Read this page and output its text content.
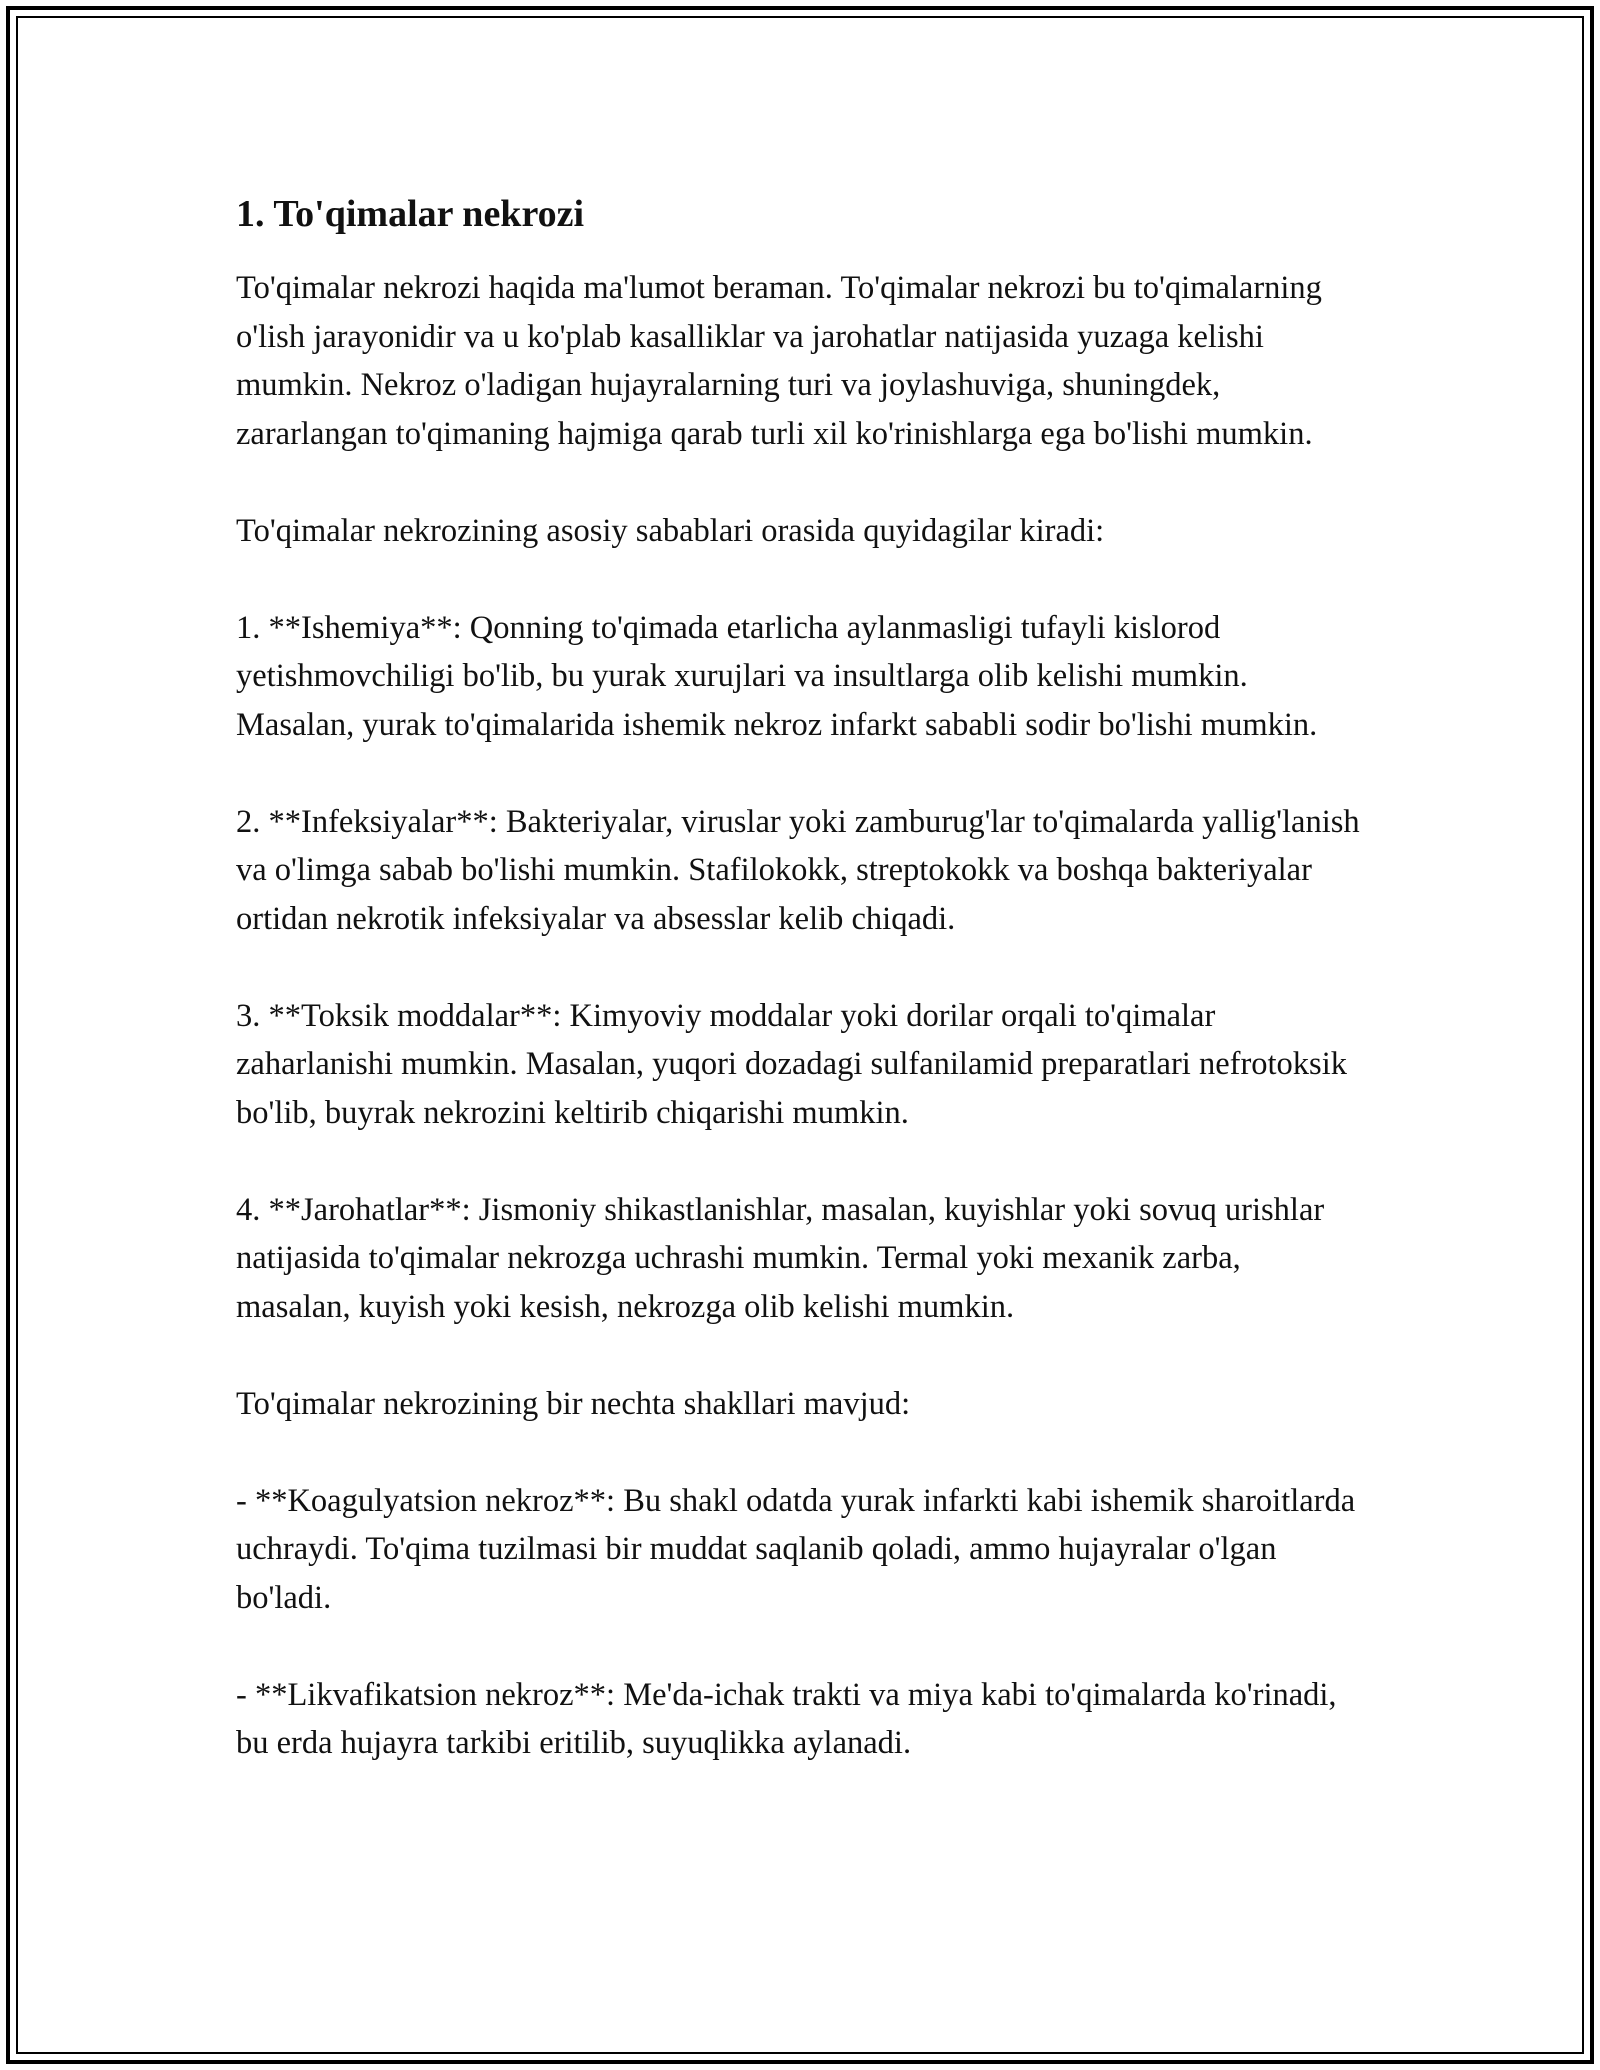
1. To'qimalar nekrozi

To'qimalar nekrozi haqida ma'lumot beraman. To'qimalar nekrozi bu to'qimalarning o'lish jarayonidir va u ko'plab kasalliklar va jarohatlar natijasida yuzaga kelishi mumkin. Nekroz o'ladigan hujayralarning turi va joylashuviga, shuningdek, zararlangan to'qimaning hajmiga qarab turli xil ko'rinishlarga ega bo'lishi mumkin.

To'qimalar nekrozining asosiy sabablari orasida quyidagilar kiradi:

1. **Ishemiya**: Qonning to'qimada etarlicha aylanmasligi tufayli kislorod yetishmovchiligi bo'lib, bu yurak xurujlari va insultlarga olib kelishi mumkin. Masalan, yurak to'qimalarida ishemik nekroz infarkt sababli sodir bo'lishi mumkin.

2. **Infeksiyalar**: Bakteriyalar, viruslar yoki zamburug'lar to'qimalarda yallig'lanish va o'limga sabab bo'lishi mumkin. Stafilokokk, streptokokk va boshqa bakteriyalar ortidan nekrotik infeksiyalar va absesslar kelib chiqadi.

3. **Toksik moddalar**: Kimyoviy moddalar yoki dorilar orqali to'qimalar zaharlanishi mumkin. Masalan, yuqori dozadagi sulfanilamid preparatlari nefrotoksik bo'lib, buyrak nekrozini keltirib chiqarishi mumkin.

4. **Jarohatlar**: Jismoniy shikastlanishlar, masalan, kuyishlar yoki sovuq urishlar natijasida to'qimalar nekrozga uchrashi mumkin. Termal yoki mexanik zarba, masalan, kuyish yoki kesish, nekrozga olib kelishi mumkin.

To'qimalar nekrozining bir nechta shakllari mavjud:

- **Koagulyatsion nekroz**: Bu shakl odatda yurak infarkti kabi ishemik sharoitlarda uchraydi. To'qima tuzilmasi bir muddat saqlanib qoladi, ammo hujayralar o'lgan bo'ladi.

- **Likvafikatsion nekroz**: Me'da-ichak trakti va miya kabi to'qimalarda ko'rinadi, bu erda hujayra tarkibi eritilib, suyuqlikka aylanadi.
